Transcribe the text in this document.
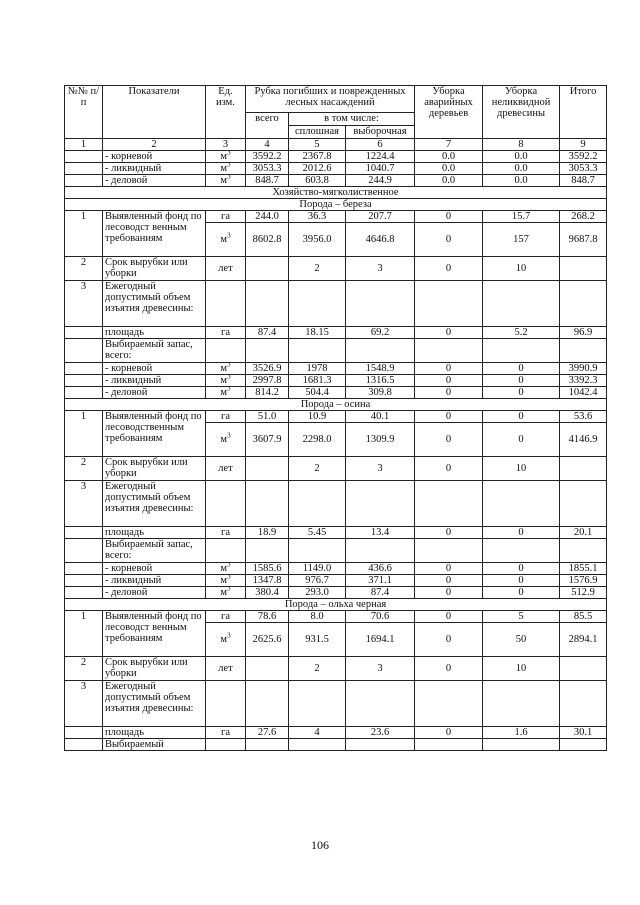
№№ п/п	Показатели	Ед. изм.	Рубка погибших и поврежденных лесных насаждений			Уборка аварийных деревьев	Уборка неликвидной древесины	Итого
			всего	в том числе:				
				сплошная	выборочная			
1	2	3	4	5	6	7	8	9
	- корневой	$м^3$	3592.2	2367.8	1224.4	0.0	0.0	3592.2
	- ликвидный	$м^3$	3053.3	2012.6	1040.7	0.0	0.0	3053.3
	- деловой	$м^3$	848.7	603.8	244.9	0.0	0.0	848.7
Хозяйство-мягколиственное								
Порода – береза								
1	Выявленный фонд по лесоводст венным требованиям	га	244.0	36.3	207.7	0	15.7	268.2
		$м^3$	8602.8	3956.0	4646.8	0	157	9687.8
2	Срок вырубки или уборки	лет		2	3	0	10	
3	Ежегодный допустимый объем изъятия древесины:							
	площадь	га	87.4	18.15	69.2	0	5.2	96.9
	Выбираемый запас, всего:							
	- корневой	$м^3$	3526.9	1978	1548.9	0	0	3990.9
	- ликвидный	$м^3$	2997.8	1681.3	1316.5	0	0	3392.3
	- деловой	$м^3$	814.2	504.4	309.8	0	0	1042.4
Порода – осина								
1	Выявленный фонд по лесоводственным требованиям	га	51.0	10.9	40.1	0	0	53.6
		$м^3$	3607.9	2298.0	1309.9	0	0	4146.9
2	Срок вырубки или уборки	лет		2	3	0	10	
3	Ежегодный допустимый объем изъятия древесины:							
	площадь	га	18.9	5.45	13.4	0	0	20.1
	Выбираемый запас, всего:							
	- корневой	$м^3$	1585.6	1149.0	436.6	0	0	1855.1
	- ликвидный	$м^3$	1347.8	976.7	371.1	0	0	1576.9
	- деловой	$м^3$	380.4	293.0	87.4	0	0	512.9
Порода – ольха черная								
1	Выявленный фонд по лесоводст венным требованиям	га	78.6	8.0	70.6	0	5	85.5
		$м^3$	2625.6	931.5	1694.1	0	50	2894.1
2	Срок вырубки или уборки	лет		2	3	0	10	
3	Ежегодный допустимый объем изъятия древесины:							
	площадь	га	27.6	4	23.6	0	1.6	30.1
	Выбираемый							
106
